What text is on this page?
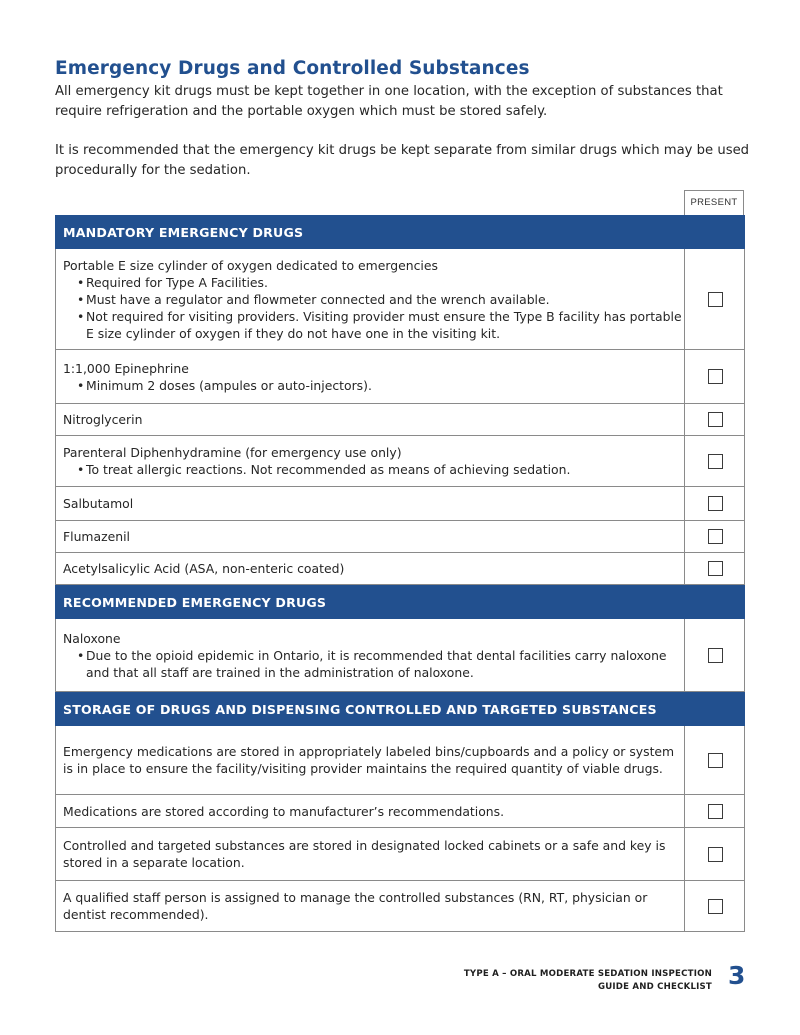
Emergency Drugs and Controlled Substances

All emergency kit drugs must be kept together in one location, with the exception of substances that require refrigeration and the portable oxygen which must be stored safely.

It is recommended that the emergency kit drugs be kept separate from similar drugs which may be used procedurally for the sedation.

PRESENT
MANDATORY EMERGENCY DRUGS
Portable E size cylinder of oxygen dedicated to emergencies
• Required for Type A Facilities.
• Must have a regulator and flowmeter connected and the wrench available.
• Not required for visiting providers. Visiting provider must ensure the Type B facility has portable E size cylinder of oxygen if they do not have one in the visiting kit.
1:1,000 Epinephrine
• Minimum 2 doses (ampules or auto-injectors).
Nitroglycerin
Parenteral Diphenhydramine (for emergency use only)
• To treat allergic reactions. Not recommended as means of achieving sedation.
Salbutamol
Flumazenil
Acetylsalicylic Acid (ASA, non-enteric coated)
RECOMMENDED EMERGENCY DRUGS
Naloxone
• Due to the opioid epidemic in Ontario, it is recommended that dental facilities carry naloxone and that all staff are trained in the administration of naloxone.
STORAGE OF DRUGS AND DISPENSING CONTROLLED AND TARGETED SUBSTANCES
Emergency medications are stored in appropriately labeled bins/cupboards and a policy or system is in place to ensure the facility/visiting provider maintains the required quantity of viable drugs.
Medications are stored according to manufacturer’s recommendations.
Controlled and targeted substances are stored in designated locked cabinets or a safe and key is stored in a separate location.
A qualified staff person is assigned to manage the controlled substances (RN, RT, physician or dentist recommended).
TYPE A – ORAL MODERATE SEDATION INSPECTION
GUIDE AND CHECKLIST 3
